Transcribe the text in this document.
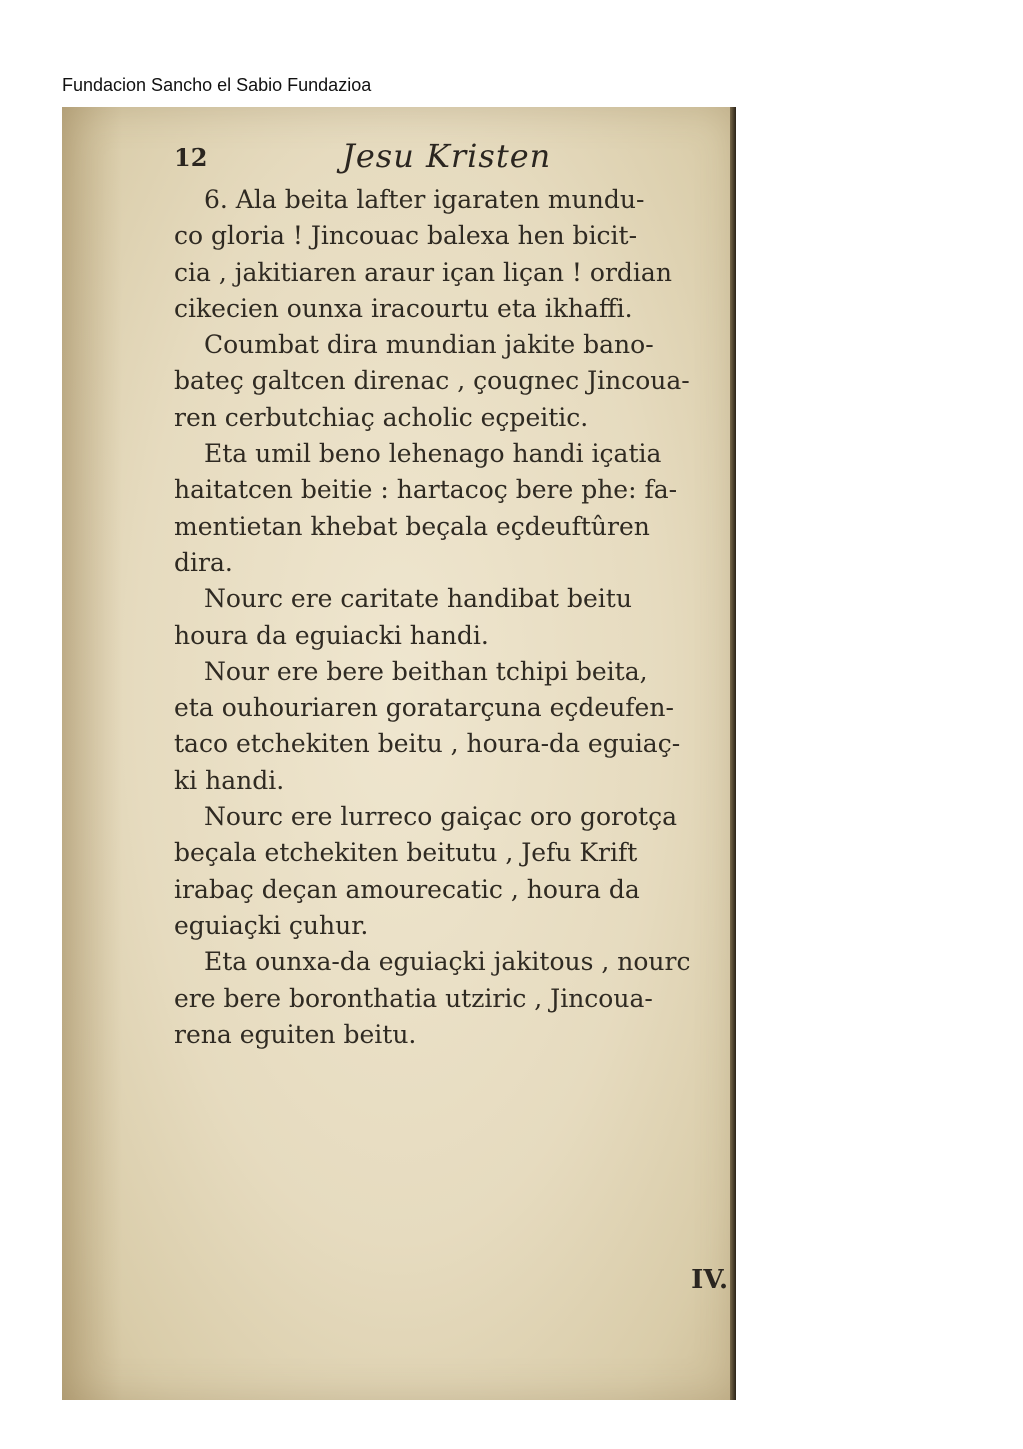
Fundacion Sancho el Sabio Fundazioa
12	Jesu Kristen
6. Ala beita lafter igaraten mundu-
co gloria ! Jincouac balexa hen bicit-
cia , jakitiaren araur içan liçan ! ordian
cikecien ounxa iracourtu eta ikhaffi.
Coumbat dira mundian jakite bano-
bateç galtcen direnac , çougnec Jincoua-
ren cerbutchiaç acholic eçpeitic.
Eta umil beno lehenago handi içatia
haitatcen beitie : hartacoç bere phe: fa-
mentietan khebat beçala eçdeuftûren
dira.
Nourc ere caritate handibat beitu
houra da eguiacki handi.
Nour ere bere beithan tchipi beita,
eta ouhouriaren goratarçuna eçdeufen-
taco etchekiten beitu , houra-da eguiaç-
ki handi.
Nourc ere lurreco gaiçac oro gorotça
beçala etchekiten beitutu , Jefu Krift
irabaç deçan amourecatic , houra da
eguiaçki çuhur.
Eta ounxa-da eguiaçki jakitous , nourc
ere bere boronthatia utziric , Jincoua-
rena eguiten beitu.
IV.
